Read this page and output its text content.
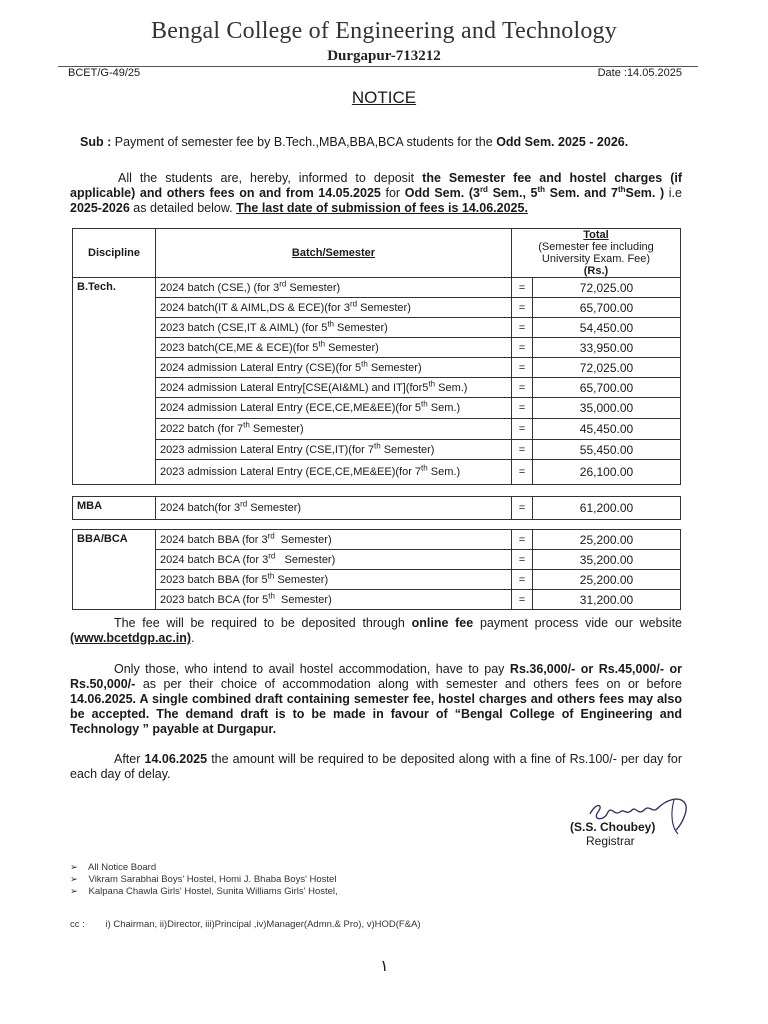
Bengal College of Engineering and Technology
Durgapur-713212
BCET/G-49/25	Date :14.05.2025
NOTICE
Sub : Payment of semester fee by B.Tech.,MBA,BBA,BCA students for the Odd Sem. 2025 - 2026.
All the students are, hereby, informed to deposit the Semester fee and hostel charges (if applicable) and others fees on and from 14.05.2025 for Odd Sem. (3rd Sem., 5th Sem. and 7thSem. ) i.e 2025-2026 as detailed below. The last date of submission of fees is 14.06.2025.
Discipline	Batch/Semester	Total
(Semester fee including University Exam. Fee)
(Rs.)	

B.Tech.	2024 batch (CSE,) (for 3rd Semester)	=	72,025.00
	2024 batch(IT & AIML,DS & ECE)(for 3rd Semester)	=	65,700.00
	2023 batch (CSE,IT & AIML) (for 5th Semester)	=	54,450.00
	2023 batch(CE,ME & ECE)(for 5th Semester)	=	33,950.00
	2024 admission Lateral Entry (CSE)(for 5th Semester)	=	72,025.00
	2024 admission Lateral Entry[CSE(AI&ML) and IT](for5th Sem.)	=	65,700.00
	2024 admission Lateral Entry (ECE,CE,ME&EE)(for 5th Sem.)	=	35,000.00
	2022 batch (for 7th Semester)	=	45,450.00
	2023 admission Lateral Entry (CSE,IT)(for 7th Semester)	=	55,450.00
	2023 admission Lateral Entry (ECE,CE,ME&EE)(for 7th Sem.)	=	26,100.00
MBA	2024 batch(for 3rd Semester)	=	61,200.00
BBA/BCA	2024 batch BBA (for 3rd  Semester)	=	25,200.00
	2024 batch BCA (for 3rd   Semester)	=	35,200.00
	2023 batch BBA (for 5th Semester)	=	25,200.00
	2023 batch BCA (for 5th  Semester)	=	31,200.00
The fee will be required to be deposited through online fee payment process vide our website (www.bcetdgp.ac.in).
Only those, who intend to avail hostel accommodation, have to pay Rs.36,000/- or Rs.45,000/- or Rs.50,000/- as per their choice of accommodation along with semester and others fees on or before 14.06.2025. A single combined draft containing semester fee, hostel charges and others fees may also be accepted. The demand draft is to be made in favour of “Bengal College of Engineering and Technology ” payable at Durgapur.
After 14.06.2025 the amount will be required to be deposited along with a fine of Rs.100/- per day for each day of delay.
(S.S. Choubey)
Registrar
➢ All Notice Board
➢ Vikram Sarabhai Boys' Hostel, Homi J. Bhaba Boys' Hostel
➢ Kalpana Chawla Girls' Hostel, Sunita Williams Girls' Hostel,
cc : i) Chairman, ii)Director, iii)Principal ,iv)Manager(Admn.& Pro), v)HOD(F&A)
١
